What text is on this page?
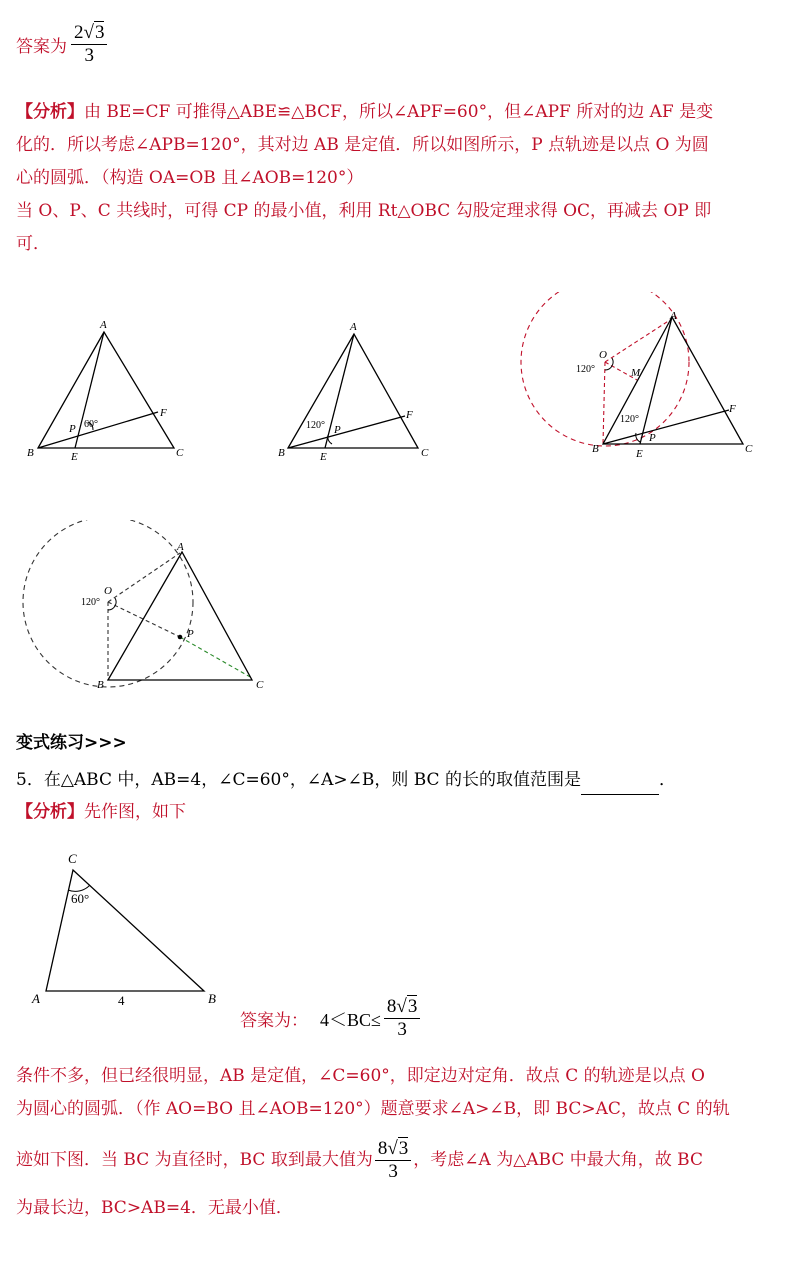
答案为 $\frac{2√3}{3}$
【分析】由 BE=CF 可推得△ABE≌△BCF，所以∠APF=60°，但∠APF 所对的边 AF 是变
化的．所以考虑∠APB=120°，其对边 AB 是定值．所以如图所示，P 点轨迹是以点 O 为圆
心的圆弧．（构造 OA=OB 且∠AOB=120°）
当 O、P、C 共线时，可得 CP 的最小值，利用 Rt△OBC 勾股定理求得 OC，再减去 OP 即
可．
A
B	C
E
F
P 60°
A
B	C
E
F
P
120°
A
B	C
E
F
P
O
M
120°
120°
A
B	C
O
P
120°
变式练习>>>
5．在△ABC 中，AB=4，∠C=60°，∠A>∠B，则 BC 的长的取值范围是	．
【分析】先作图，如下
C
A	B
4
60°
答案为： $4<BC\le \frac{8√3}{3}$
条件不多，但已经很明显，AB 是定值，∠C=60°，即定边对定角．故点 C 的轨迹是以点 O
为圆心的圆弧．（作 AO=BO 且∠AOB=120°）题意要求∠A>∠B，即 BC>AC，故点 C 的轨
迹如下图．当 BC 为直径时，BC 取到最大值为 $\frac{8√3}{3}$ ，考虑∠A 为△ABC 中最大角，故 BC
为最长边，BC>AB=4．无最小值．
